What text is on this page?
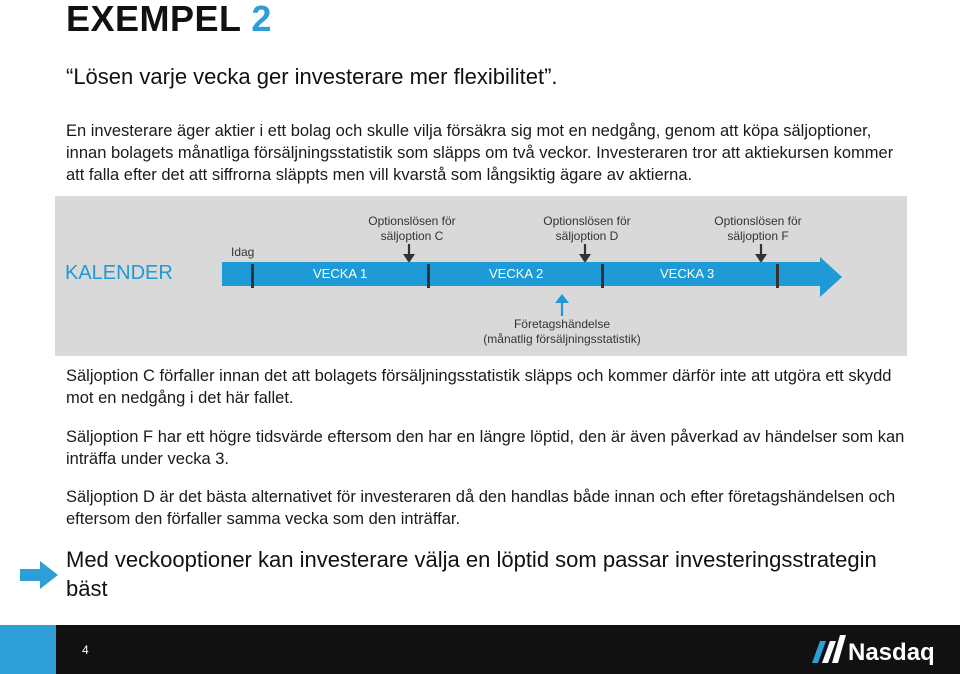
EXEMPEL 2

“Lösen varje vecka ger investerare mer flexibilitet”.

En investerare äger aktier i ett bolag och skulle vilja försäkra sig mot en nedgång, genom att köpa säljoptioner, innan bolagets månatliga försäljningsstatistik som släpps om två veckor. Investeraren tror att aktiekursen kommer att falla efter det att siffrorna släppts men vill kvarstå som långsiktig ägare av aktierna.

KALENDER
Idag
Optionslösen för
säljoption C
Optionslösen för
säljoption D
Optionslösen för
säljoption F
VECKA 1	VECKA 2	VECKA 3
Företagshändelse
(månatlig försäljningsstatistik)

Säljoption C förfaller innan det att bolagets försäljningsstatistik släpps och kommer därför inte att utgöra ett skydd mot en nedgång i det här fallet.

Säljoption F har ett högre tidsvärde eftersom den har en längre löptid, den är även påverkad av händelser som kan inträffa under vecka 3.

Säljoption D är det bästa alternativet för investeraren då den handlas både innan och efter företagshändelsen och eftersom den förfaller samma vecka som den inträffar.

Med veckooptioner kan investerare välja en löptid som passar investeringsstrategin bäst

4	Nasdaq
